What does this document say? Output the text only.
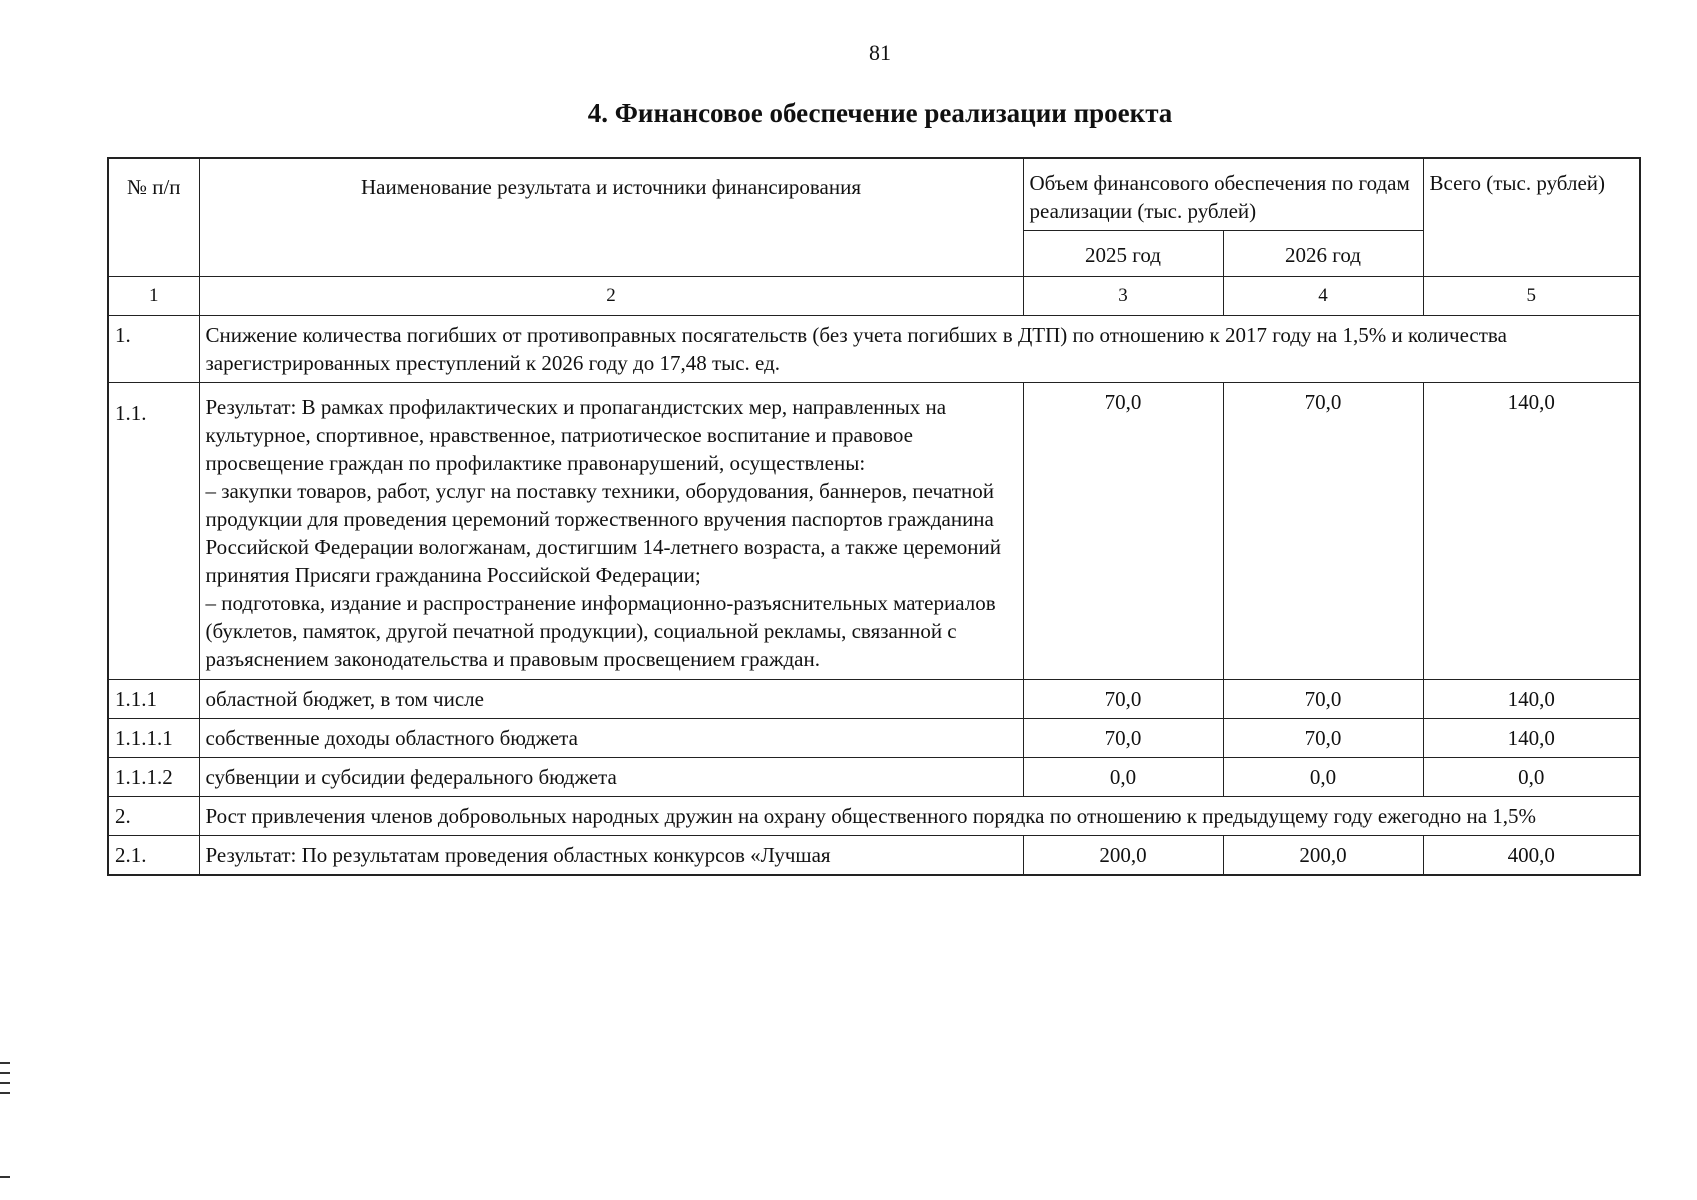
81
4. Финансовое обеспечение реализации проекта
№ п/п	Наименование результата и источники финансирования	Объем финансового обеспечения по годам реализации (тыс. рублей)		Всего (тыс. рублей)
		2025 год	2026 год	
1	2	3	4	5
1.	Снижение количества погибших от противоправных посягательств (без учета погибших в ДТП) по отношению к 2017 году на 1,5% и количества зарегистрированных преступлений к 2026 году до 17,48 тыс. ед.			
1.1.	Результат: В рамках профилактических и пропагандистских мер, направленных на культурное, спортивное, нравственное, патриотическое воспитание и правовое просвещение граждан по профилактике правонарушений, осуществлены:
– закупки товаров, работ, услуг на поставку техники, оборудования, баннеров, печатной продукции для проведения церемоний торжественного вручения паспортов гражданина Российской Федерации вологжанам, достигшим 14-летнего возраста, а также церемоний принятия Присяги гражданина Российской Федерации;
– подготовка, издание и распространение информационно-разъяснительных материалов (буклетов, памяток, другой печатной продукции), социальной рекламы, связанной с разъяснением законодательства и правовым просвещением граждан.	70,0	70,0	140,0
1.1.1	областной бюджет, в том числе	70,0	70,0	140,0
1.1.1.1	собственные доходы областного бюджета	70,0	70,0	140,0
1.1.1.2	субвенции и субсидии федерального бюджета	0,0	0,0	0,0
2.	Рост привлечения членов добровольных народных дружин на охрану общественного порядка по отношению к предыдущему году ежегодно на 1,5%			
2.1.	Результат: По результатам проведения областных конкурсов «Лучшая	200,0	200,0	400,0
